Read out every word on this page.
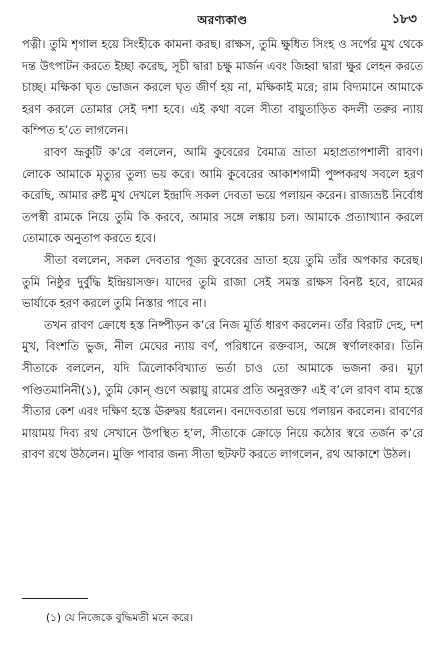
অরণ্যকাণ্ড	১৮৩

পত্নী। তুমি শৃগাল হয়ে সিংহীকে কামনা করছ। রাক্ষস, তুমি ক্ষুধিত সিংহ ও সর্পের মুখ থেকে দন্ত উৎপাটন করতে ইচ্ছা করেছ, সূচী দ্বারা চক্ষু মার্জন এবং জিহ্বা দ্বারা ক্ষুর লেহন করতে চাচ্ছ। মক্ষিকা ঘৃত ভোজন করলে ঘৃত জীর্ণ হয় না, মক্ষিকাই মরে; রাম বিদ্যমানে আমাকে হরণ করলে তোমার সেই দশা হবে। এই কথা বলে সীতা বায়ুতাড়িত কদলী তরুর ন্যায় কম্পিত হ’তে লাগলেন।

রাবণ ভ্রূকুটি ক’রে বললেন, আমি কুবেরের বৈমাত্র ভ্রাতা মহাপ্রতাপশালী রাবণ। লোকে আমাকে মৃত্যুর তুল্য ভয় করে। আমি কুবেরের আকাশগামী পুষ্পকরথ সবলে হরণ করেছি, আমার রুষ্ট মুখ দেখলে ইন্দ্রাদি সকল দেবতা ভয়ে পলায়ন করেন। রাজ্যভ্রষ্ট নির্বোধ তপস্বী রামকে নিয়ে তুমি কি করবে, আমার সঙ্গে লঙ্কায় চল। আমাকে প্রত্যাখ্যান করলে তোমাকে অনুতাপ করতে হবে।

সীতা বললেন, সকল দেবতার পূজ্য কুবেরের ভ্রাতা হয়ে তুমি তাঁর অপকার করেছ। তুমি নিষ্ঠুর দুর্বুদ্ধি ইন্দ্রিয়াসক্ত। যাদের তুমি রাজা সেই সমস্ত রাক্ষস বিনষ্ট হবে, রামের ভার্যাকে হরণ করলে তুমি নিস্তার পাবে না।

তখন রাবণ ক্রোধে হস্ত নিষ্পীড়ন ক’রে নিজ মূর্তি ধারণ করলেন। তাঁর বিরাট দেহ, দশ মুখ, বিংশতি ভুজ, নীল মেঘের ন্যায় বর্ণ, পরিধানে রক্তবাস, অঙ্গে স্বর্ণালংকার। তিনি সীতাকে বললেন, যদি ত্রিলোকবিখ্যাত ভর্তা চাও তো আমাকে ভজনা কর। মূঢ়া পণ্ডিতমানিনী(১), তুমি কোন্ গুণে অল্পায়ু রামের প্রতি অনুরক্ত? এই ব’লে রাবণ বাম হস্তে সীতার কেশ এবং দক্ষিণ হস্তে ঊরুদ্বয় ধরলেন। বনদেবতারা ভয়ে পলায়ন করলেন। রাবণের মায়াময় দিব্য রথ সেখানে উপস্থিত হ’ল, সীতাকে ক্রোড়ে নিয়ে কঠোর স্বরে তর্জন ক’রে রাবণ রথে উঠলেন। মুক্তি পাবার জন্য সীতা ছটফট করতে লাগলেন, রথ আকাশে উঠল।

(১) যে নিজেকে বুদ্ধিমতী মনে করে।
